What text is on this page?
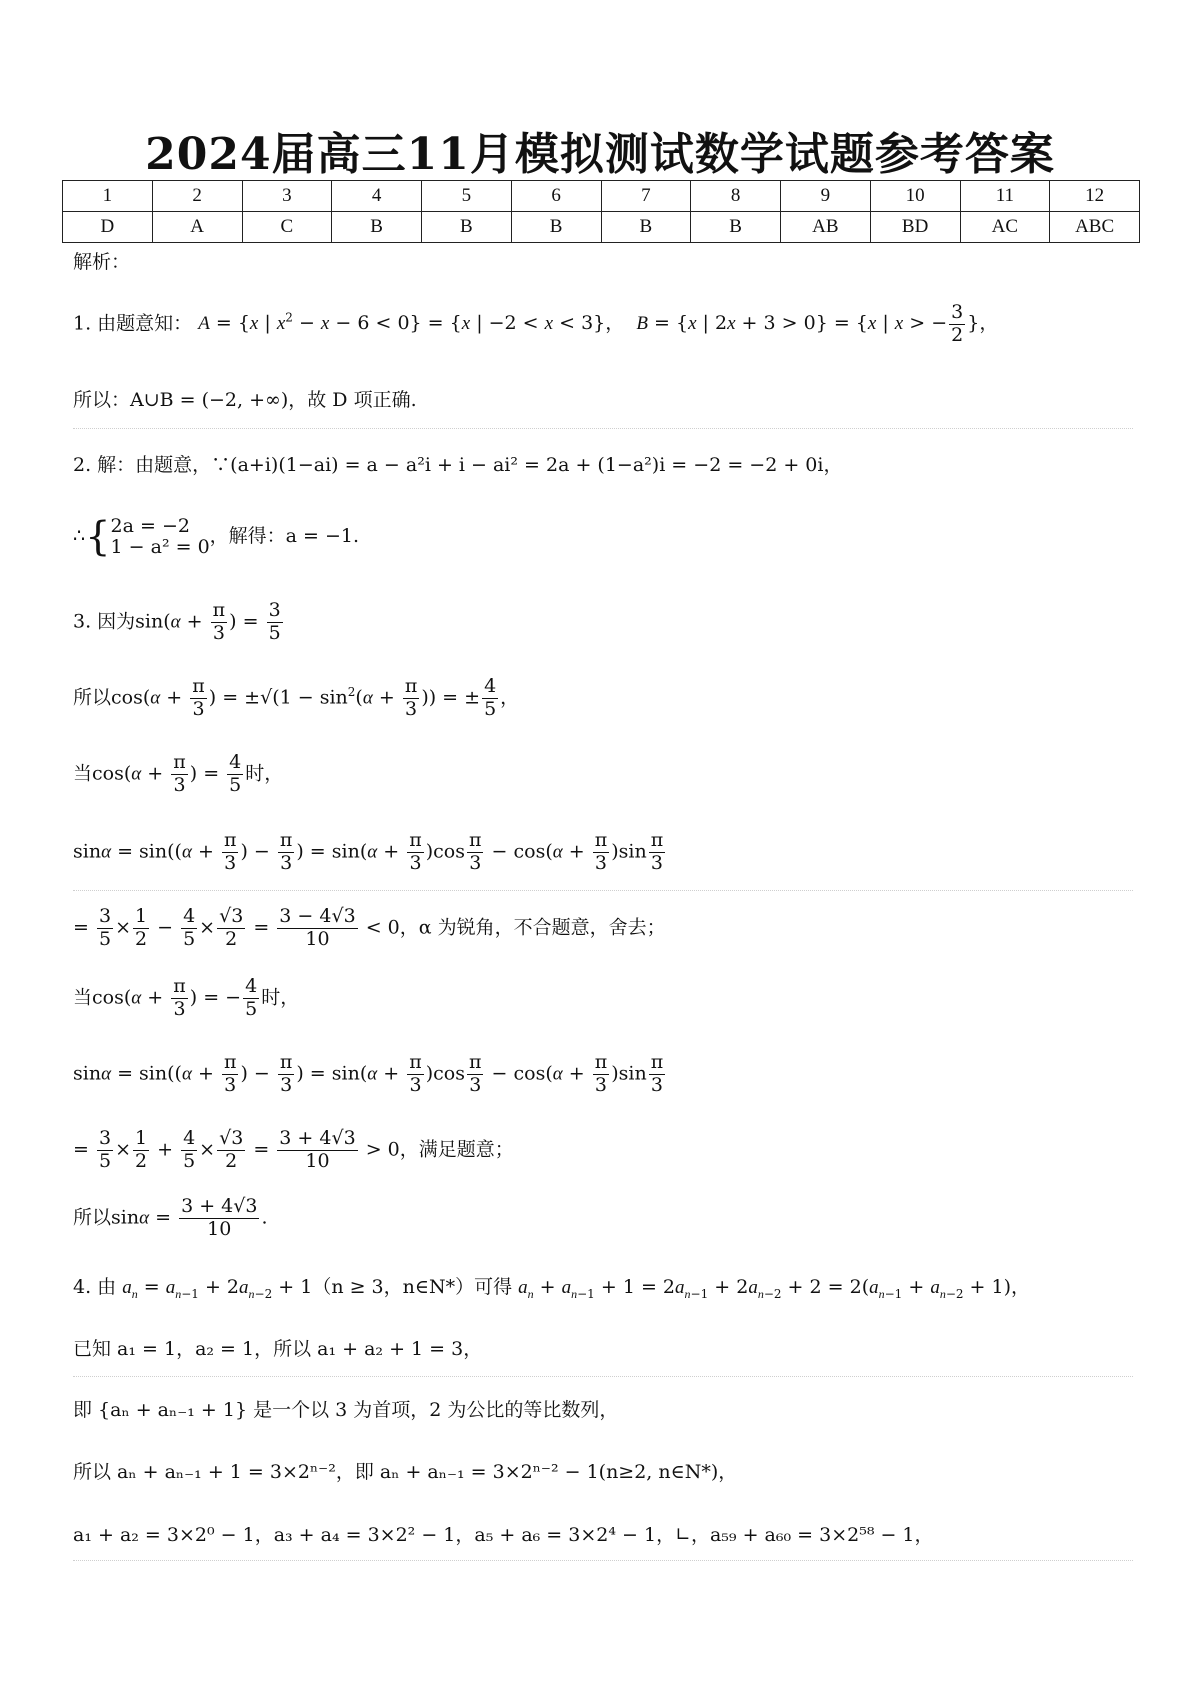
2024届高三11月模拟测试数学试题参考答案
1	2	3	4	5	6	7	8	9	10	11	12
D	A	C	B	B	B	B	B	AB	BD	AC	ABC

解析：

1. 由题意知： A = {x | $x^2 - x - 6 < 0\} = \{x$ | −2 < x < 3}，  B = {x | 2x + 3 > 0} = {x | x > − $\frac{3}{2}$ }，

所以：A∪B = (−2, +∞)，故 D 项正确.

2. 解：由题意，∵(a+i)(1−ai) = a − a²i + i − ai² = 2a + (1−a²)i = −2 = −2 + 0i，
∴{ 2a = −2
1 − a² = 0 ，解得：a = −1.
3. 因为$\sin(\alpha + \frac{\pi}{3}$ ) = $\frac{3}{5}$
所以$\cos(\alpha + \frac{\pi}{3}$ ) = $\pm√(1 - \sin^2(\alpha + \frac{\pi}{3}$ )) = ± $\frac{4}{5}$ ，
当$\cos(\alpha + \frac{\pi}{3}$ ) = $\frac{4}{5}$ 时，
$\sin\alpha = \sin((\alpha + \frac{\pi}{3}$ ) − $\frac{\pi}{3}$ ) = $\sin(\alpha + \frac{\pi}{3} )\cos \frac{\pi}{3} - \cos(\alpha + \frac{\pi}{3} )\sin \frac{\pi}{3}$
= $\frac{3}{5} \times \frac{1}{2} - \frac{4}{5} \times \frac{√3}{2} = \frac{3 - 4√3}{10} < 0$，α 为锐角，不合题意，舍去；
当$\cos(\alpha + \frac{\pi}{3}$ ) = − $\frac{4}{5}$ 时，
$\sin\alpha = \sin((\alpha + \frac{\pi}{3}$ ) − $\frac{\pi}{3}$ ) = $\sin(\alpha + \frac{\pi}{3} )\cos \frac{\pi}{3} - \cos(\alpha + \frac{\pi}{3} )\sin \frac{\pi}{3}$
= $\frac{3}{5} \times \frac{1}{2} + \frac{4}{5} \times \frac{√3}{2} = \frac{3 + 4√3}{10} > 0$，满足题意；
所以$\sin\alpha = \frac{3 + 4√3}{10}$ .
4. 由 $a_n = a_{n-1} + 2a_{n-2} + 1(n \ge 3$，n∈N*）可得 $a_n + a_{n-1} + 1 = 2a_{n-1} + 2a_{n-2} + 2 = 2(a_{n-1} + a_{n-2} + 1)$，

已知 a₁ = 1，a₂ = 1，所以 a₁ + a₂ + 1 = 3，

即 {aₙ + aₙ₋₁ + 1} 是一个以 3 为首项，2 为公比的等比数列，

所以 aₙ + aₙ₋₁ + 1 = 3×2ⁿ⁻²，即 aₙ + aₙ₋₁ = 3×2ⁿ⁻² − 1(n≥2, n∈N*)，

a₁ + a₂ = 3×2⁰ − 1，a₃ + a₄ = 3×2² − 1，a₅ + a₆ = 3×2⁴ − 1，∟，a₅₉ + a₆₀ = 3×2⁵⁸ − 1，
